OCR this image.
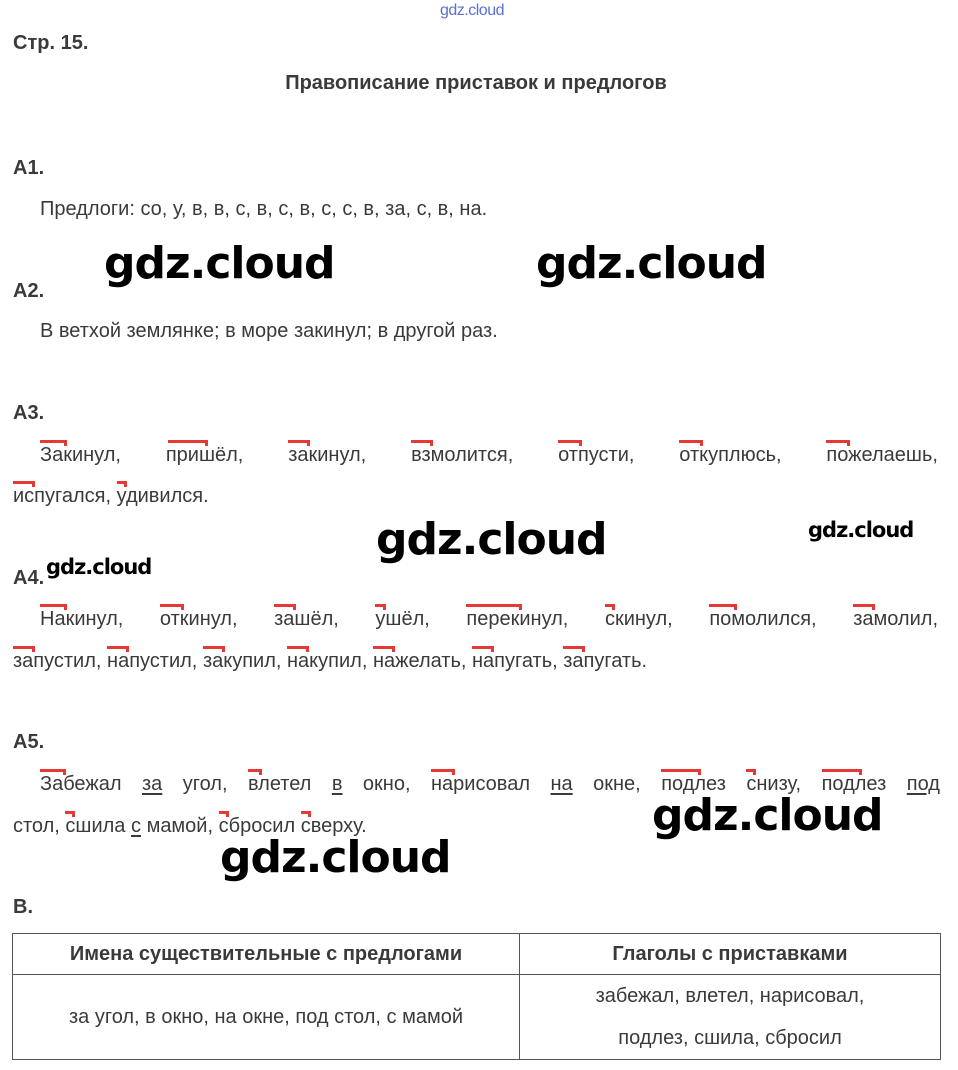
gdz.cloud
Стр. 15.
Правописание приставок и предлогов
А1.
Предлоги: со, у, в, в, с, в, с, в, с, с, в, за, с, в, на.
gdz.cloud	gdz.cloud
А2.
В ветхой землянке; в море закинул; в другой раз.
А3.
Закинул, пришёл, закинул, взмолится, отпусти, откуплюсь, пожелаешь,
испугался, удивился.
gdz.cloud	gdz.cloud
А4. gdz.cloud
Накинул, откинул, зашёл, ушёл, перекинул, скинул, помолился, замолил,
запустил, напустил, закупил, накупил, нажелать, напугать, запугать.
А5.
Забежал за угол, влетел в окно, нарисовал на окне, подлез снизу, подлез под
стол, сшила с мамой, сбросил сверху.	gdz.cloud
gdz.cloud
В.
Имена существительные с предлогами	Глаголы с приставками
за угол, в окно, на окне, под стол, с мамой	забежал, влетел, нарисовал,
подлез, сшила, сбросил
